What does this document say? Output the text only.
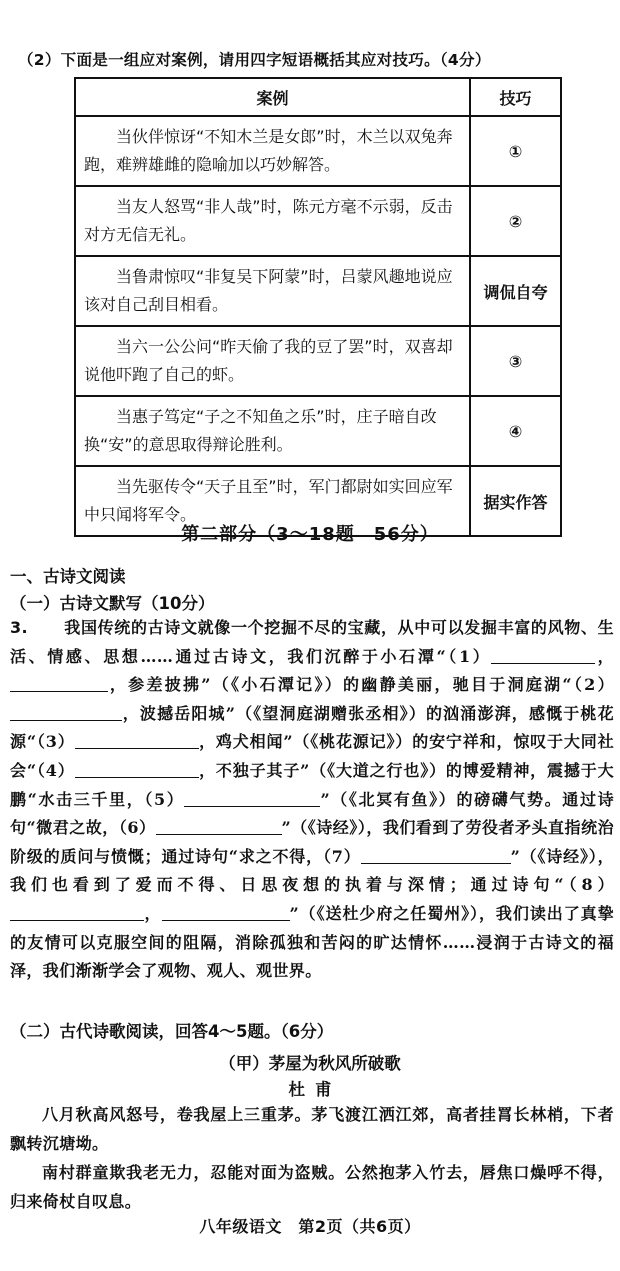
（2）下面是一组应对案例，请用四字短语概括其应对技巧。（4分）
案例	技巧

当伙伴惊讶“不知木兰是女郎”时，木兰以双兔奔跑，难辨雄雌的隐喻加以巧妙解答。	①

当友人怒骂“非人哉”时，陈元方毫不示弱，反击对方无信无礼。	②

当鲁肃惊叹“非复吴下阿蒙”时，吕蒙风趣地说应该对自己刮目相看。	调侃自夸

当六一公公问“昨天偷了我的豆了罢”时，双喜却说他吓跑了自己的虾。	③

当惠子笃定“子之不知鱼之乐”时，庄子暗自改换“安”的意思取得辩论胜利。	④

当先驱传令“天子且至”时，军门都尉如实回应军中只闻将军令。	据实作答
第二部分（3～18题　56分）
一、古诗文阅读
（一）古诗文默写（10分）
3. 我国传统的古诗文就像一个挖掘不尽的宝藏，从中可以发掘丰富的风物、生活、情感、思想……通过古诗文，我们沉醉于小石潭“（1）	，，参差披拂”（《小石潭记》）的幽静美丽，驰目于洞庭湖“（2），波撼岳阳城”（《望洞庭湖赠张丞相》）的汹涌澎湃，感慨于桃花源“（3）	，鸡犬相闻”（《桃花源记》）的安宁祥和，惊叹于大同社会“（4）	，不独子其子”（《大道之行也》）的博爱精神，震撼于大鹏“水击三千里，（5）	”（《北冥有鱼》）的磅礴气势。通过诗句“微君之故，（6）	”（《诗经》），我们看到了劳役者矛头直指统治阶级的质问与愤慨；通过诗句“求之不得，（7）	”（《诗经》），我们也看到了爱而不得、日思夜想的执着与深情；通过诗句“（8），	”（《送杜少府之任蜀州》），我们读出了真挚的友情可以克服空间的阻隔，消除孤独和苦闷的旷达情怀……浸润于古诗文的福泽，我们渐渐学会了观物、观人、观世界。
（二）古代诗歌阅读，回答4～5题。（6分）
（甲）茅屋为秋风所破歌
杜甫

八月秋高风怒号，卷我屋上三重茅。茅飞渡江洒江郊，高者挂罥长林梢，下者飘转沉塘坳。

南村群童欺我老无力，忍能对面为盗贼。公然抱茅入竹去，唇焦口燥呼不得，归来倚杖自叹息。

八年级语文　第2页（共6页）
